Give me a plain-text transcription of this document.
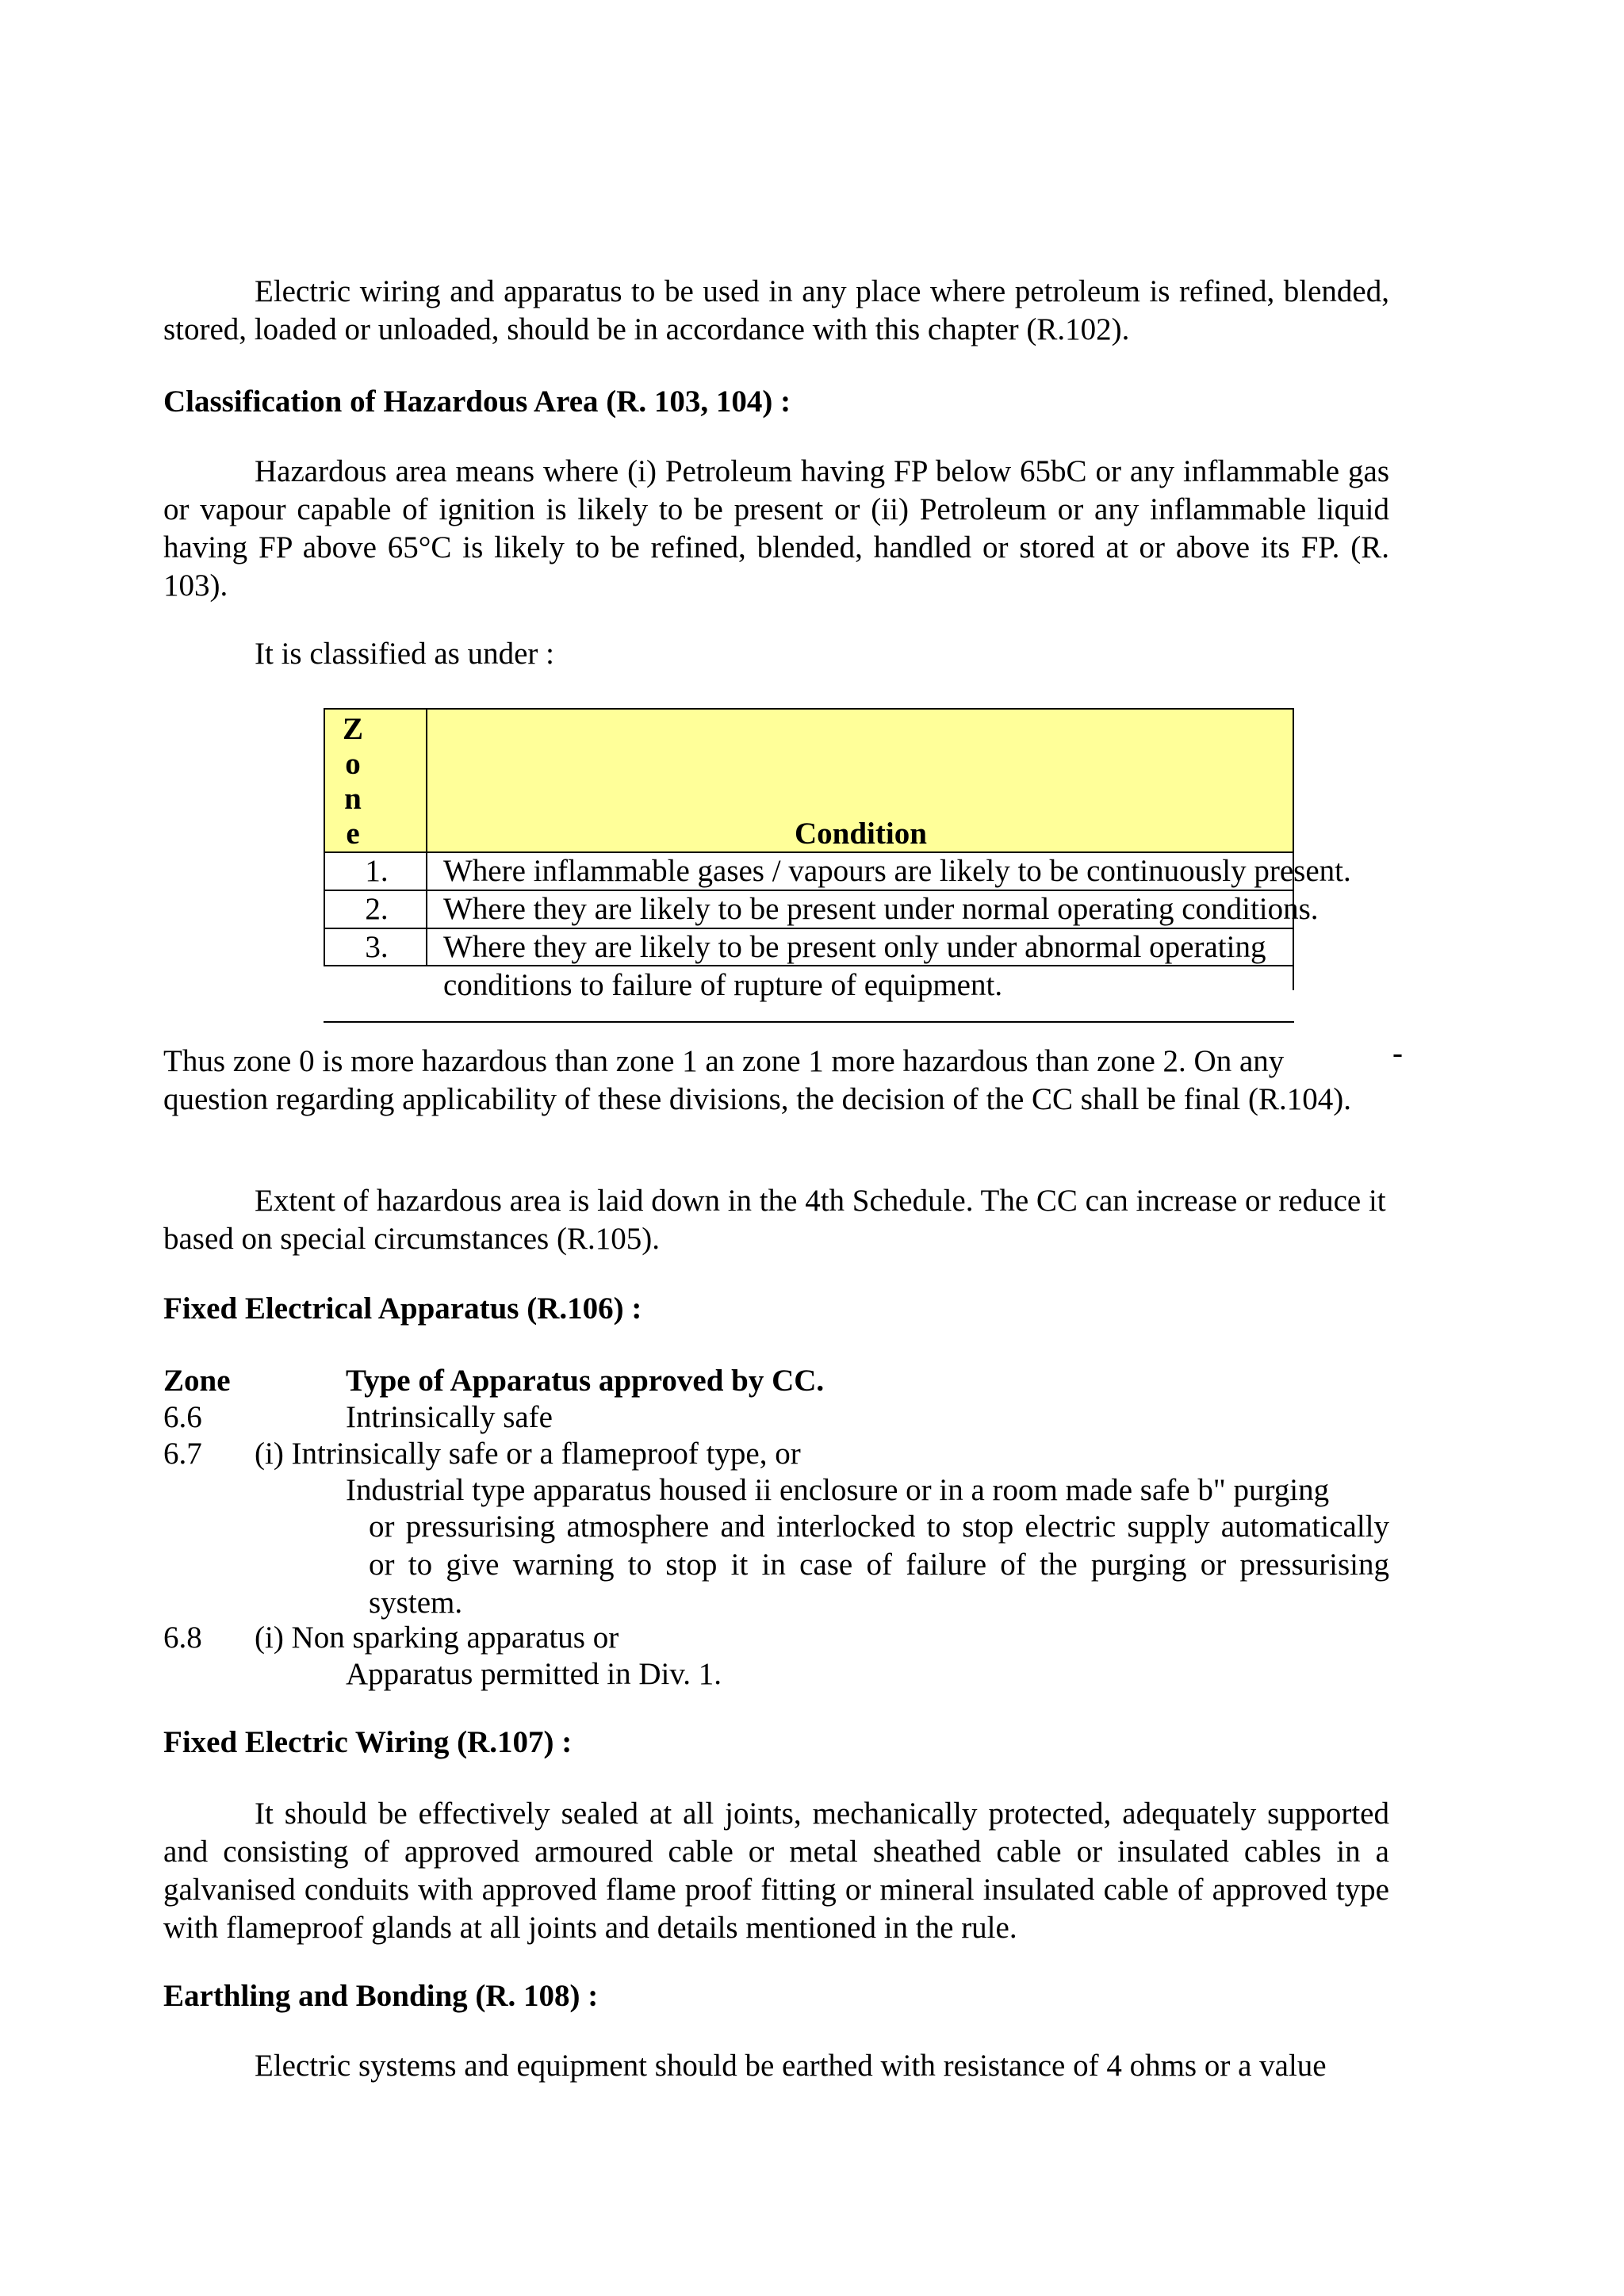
Electric wiring and apparatus to be used in any place where petroleum is refined, blended, stored, loaded or unloaded, should be in accordance with this chapter (R.102).

Classification of Hazardous Area (R. 103, 104) :

Hazardous area means where (i) Petroleum having FP below 65bC or any inflammable gas or vapour capable of ignition is likely to be present or (ii) Petroleum or any inflammable liquid having FP above 65°C is likely to be refined, blended, handled or stored at or above its FP. (R. 103).

It is classified as under :

Z
o
n
e	Condition
1.	Where inflammable gases / vapours are likely to be continuously present.
2.	Where they are likely to be present under normal operating conditions.
3.	Where they are likely to be present only under abnormal operating
conditions to failure of rupture of equipment.

Thus zone 0 is more hazardous than zone 1 an zone 1 more hazardous than zone 2. On any question regarding applicability of these divisions, the decision of the CC shall be final (R.104).

-

Extent of hazardous area is laid down in the 4th Schedule. The CC can increase or reduce it based on special circumstances (R.105).

Fixed Electrical Apparatus (R.106) :

Zone	Type of Apparatus approved by CC.
6.6	Intrinsically safe
6.7 (i) Intrinsically safe or a flameproof type, or
Industrial type apparatus housed ii enclosure or in a room made safe b" purging

or pressurising atmosphere and interlocked to stop electric supply automatically or to give warning to stop it in case of failure of the purging or pressurising system.

6.8 (i) Non sparking apparatus or
Apparatus permitted in Div. 1.

Fixed Electric Wiring (R.107) :

It should be effectively sealed at all joints, mechanically protected, adequately supported and consisting of approved armoured cable or metal sheathed cable or insulated cables in a galvanised conduits with approved flame proof fitting or mineral insulated cable of approved type with flameproof glands at all joints and details mentioned in the rule.

Earthling and Bonding (R. 108) :

Electric systems and equipment should be earthed with resistance of 4 ohms or a value
